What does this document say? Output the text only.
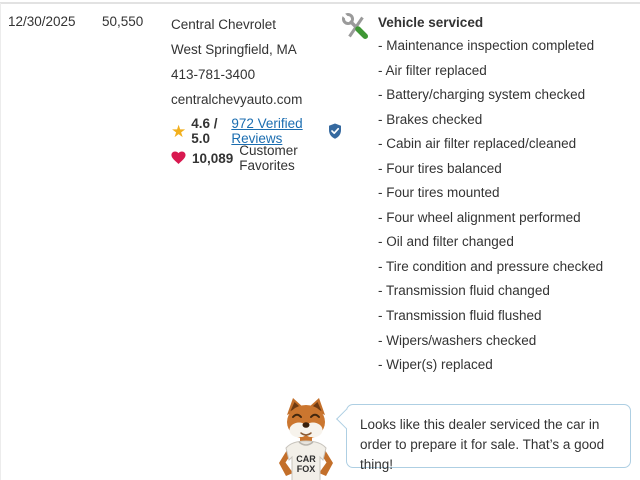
12/30/2025 50,550 Central Chevrolet
West Springfield, MA
413-781-3400
centralchevyauto.com
★ 4.6 / 5.0
972 Verified Reviews
10,089 Customer Favorites
Vehicle serviced
- Maintenance inspection completed
- Air filter replaced
- Battery/charging system checked
- Brakes checked
- Cabin air filter replaced/cleaned
- Four tires balanced
- Four tires mounted
- Four wheel alignment performed
- Oil and filter changed
- Tire condition and pressure checked
- Transmission fluid changed
- Transmission fluid flushed
- Wipers/washers checked
- Wiper(s) replaced
CAR
FOX

Looks like this dealer serviced the car in order to prepare it for sale. That’s a good thing!
